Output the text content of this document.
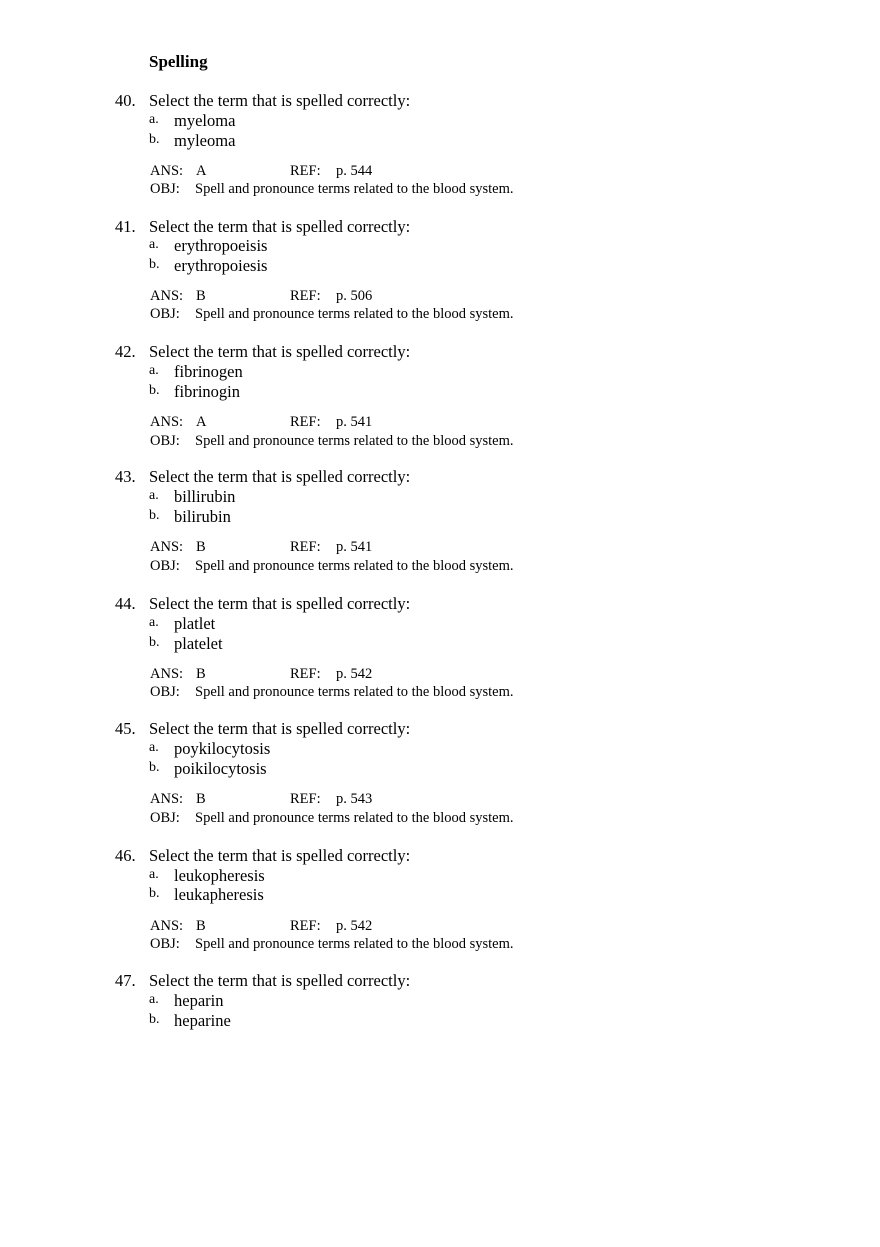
Spelling
40. Select the term that is spelled correctly:
a. myeloma
b. myleoma
ANS: A	REF: p. 544
OBJ: Spell and pronounce terms related to the blood system.
41. Select the term that is spelled correctly:
a. erythropoeisis
b. erythropoiesis
ANS: B	REF: p. 506
OBJ: Spell and pronounce terms related to the blood system.
42. Select the term that is spelled correctly:
a. fibrinogen
b. fibrinogin
ANS: A	REF: p. 541
OBJ: Spell and pronounce terms related to the blood system.
43. Select the term that is spelled correctly:
a. billirubin
b. bilirubin
ANS: B	REF: p. 541
OBJ: Spell and pronounce terms related to the blood system.
44. Select the term that is spelled correctly:
a. platlet
b. platelet
ANS: B	REF: p. 542
OBJ: Spell and pronounce terms related to the blood system.
45. Select the term that is spelled correctly:
a. poykilocytosis
b. poikilocytosis
ANS: B	REF: p. 543
OBJ: Spell and pronounce terms related to the blood system.
46. Select the term that is spelled correctly:
a. leukopheresis
b. leukapheresis
ANS: B	REF: p. 542
OBJ: Spell and pronounce terms related to the blood system.
47. Select the term that is spelled correctly:
a. heparin
b. heparine
